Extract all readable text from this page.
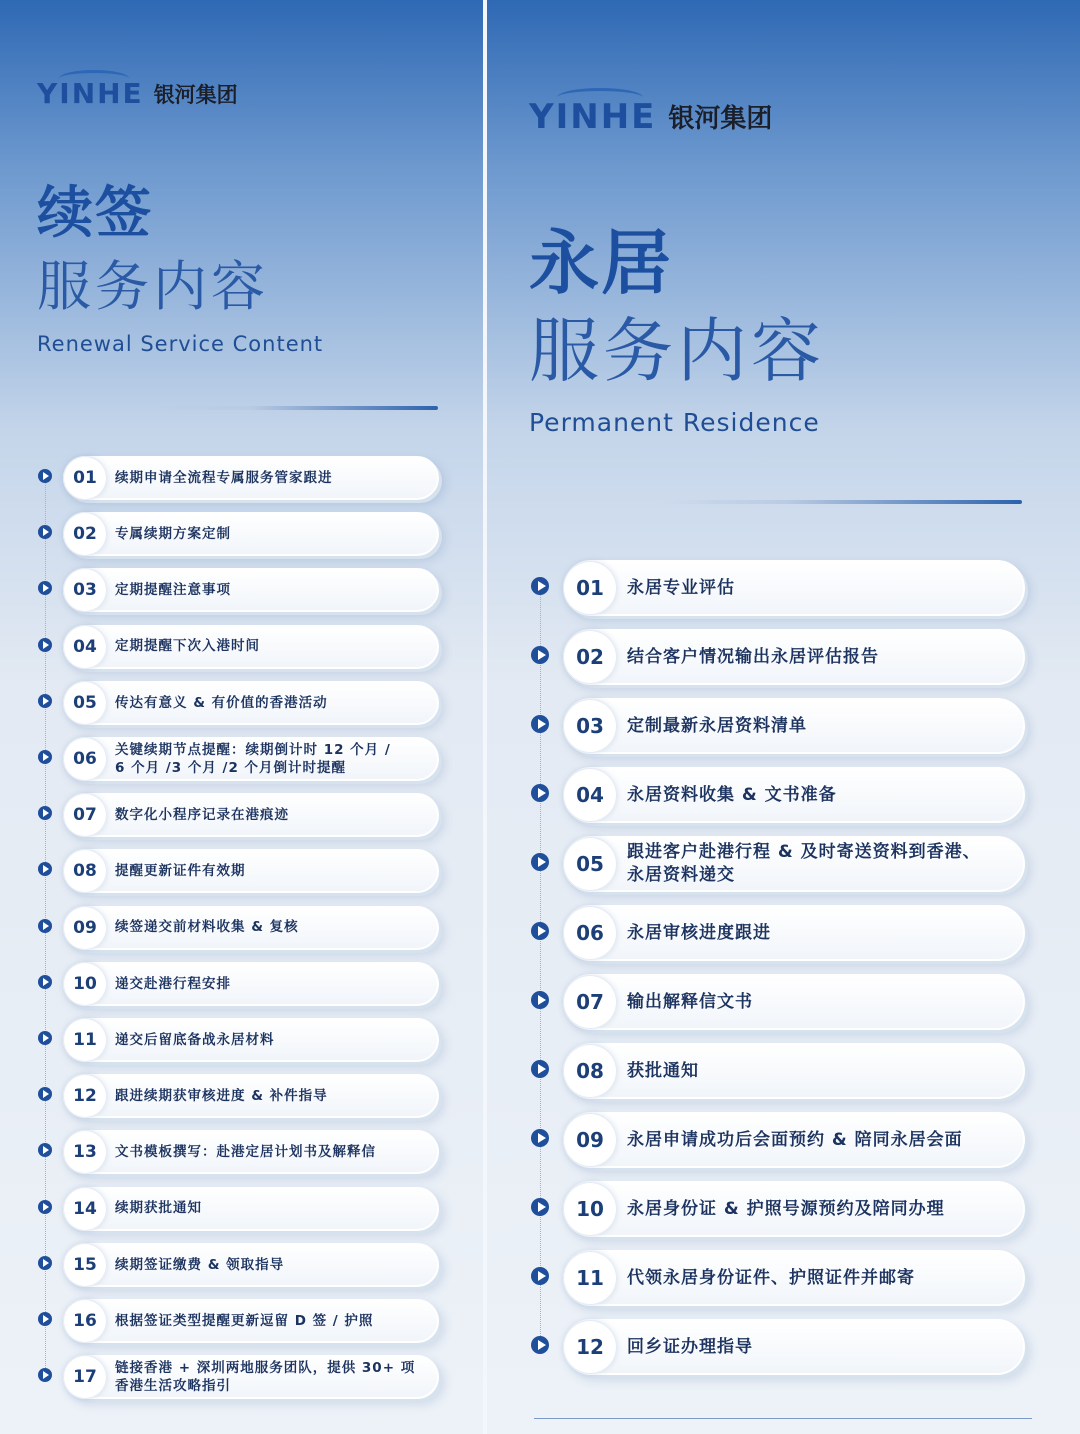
YINHE 银河集团
续签
服务内容
Renewal Service Content
01	续期申请全流程专属服务管家跟进
02	专属续期方案定制
03	定期提醒注意事项
04	定期提醒下次入港时间
05	传达有意义 & 有价值的香港活动
06	关键续期节点提醒：续期倒计时 12 个月 /
6 个月 /3 个月 /2 个月倒计时提醒
07	数字化小程序记录在港痕迹
08	提醒更新证件有效期
09	续签递交前材料收集 & 复核
10	递交赴港行程安排
11	递交后留底备战永居材料
12	跟进续期获审核进度 & 补件指导
13	文书模板撰写：赴港定居计划书及解释信
14	续期获批通知
15	续期签证缴费 & 领取指导
16	根据签证类型提醒更新逗留 D 签 / 护照
17	链接香港 + 深圳两地服务团队，提供 30+ 项
香港生活攻略指引
YINHE 银河集团
永居
服务内容
Permanent Residence
01	永居专业评估
02	结合客户情况输出永居评估报告
03	定制最新永居资料清单
04	永居资料收集 & 文书准备
05	跟进客户赴港行程 & 及时寄送资料到香港、
永居资料递交
06	永居审核进度跟进
07	输出解释信文书
08	获批通知
09	永居申请成功后会面预约 & 陪同永居会面
10	永居身份证 & 护照号源预约及陪同办理
11	代领永居身份证件、护照证件并邮寄
12	回乡证办理指导
